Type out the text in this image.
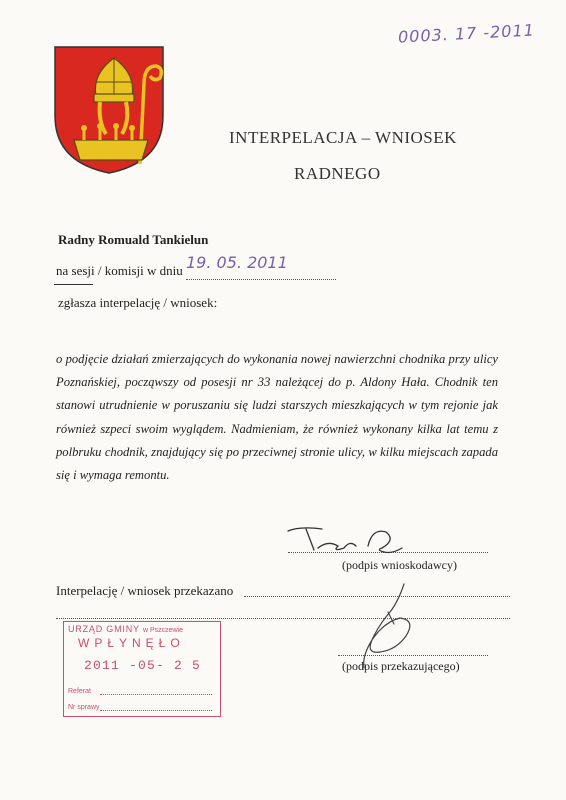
0003. 17 -2011
INTERPELACJA – WNIOSEK
RADNEGO
Radny Romuald Tankielun
na sesji / komisji w dniu 19. 05. 2011
zgłasza interpelację / wniosek:
o podjęcie działań zmierzających do wykonania nowej nawierzchni chodnika przy ulicy Poznańskiej, począwszy od posesji nr 33 należącej do p. Aldony Hała. Chodnik ten stanowi utrudnienie w poruszaniu się ludzi starszych mieszkających w tym rejonie jak również szpeci swoim wyglądem. Nadmieniam, że również wykonany kilka lat temu z polbruku chodnik, znajdujący się po przeciwnej stronie ulicy, w kilku miejscach zapada się i wymaga remontu.
(podpis wnioskodawcy)
Interpelację / wniosek przekazano
(podpis przekazującego)
URZĄD GMINY w Pszczewie
WPŁYNĘŁO
2011 -05- 2 5
Referat
Nr sprawy
